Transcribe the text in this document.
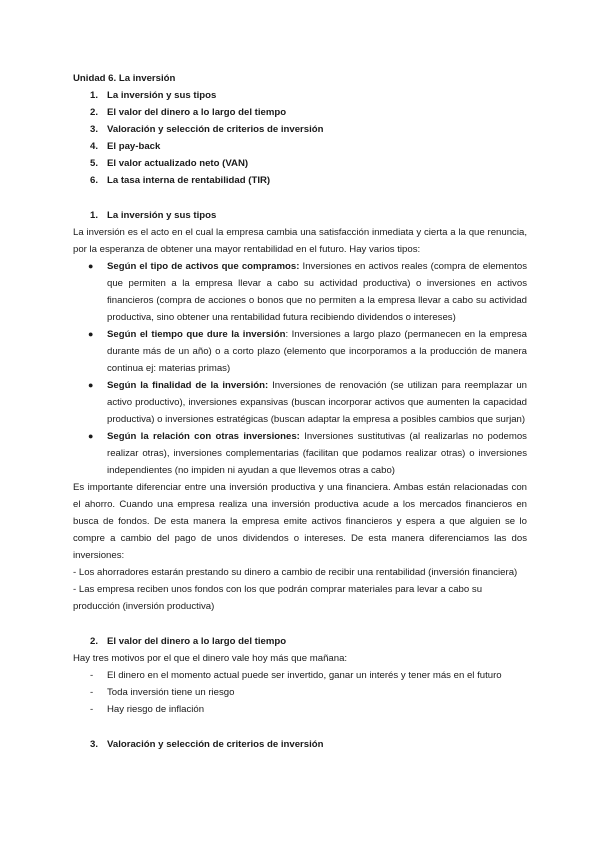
Unidad 6. La inversión
1. La inversión y sus tipos
2. El valor del dinero a lo largo del tiempo
3. Valoración y selección de criterios de inversión
4. El pay-back
5. El valor actualizado neto (VAN)
6. La tasa interna de rentabilidad (TIR)
1. La inversión y sus tipos

La inversión es el acto en el cual la empresa cambia una satisfacción inmediata y cierta a la que renuncia, por la esperanza de obtener una mayor rentabilidad en el futuro. Hay varios tipos:

● Según el tipo de activos que compramos: Inversiones en activos reales (compra de elementos que permiten a la empresa llevar a cabo su actividad productiva) o inversiones en activos financieros (compra de acciones o bonos que no permiten a la empresa llevar a cabo su actividad productiva, sino obtener una rentabilidad futura recibiendo dividendos o intereses)
● Según el tiempo que dure la inversión: Inversiones a largo plazo (permanecen en la empresa durante más de un año) o a corto plazo (elemento que incorporamos a la producción de manera continua ej: materias primas)
● Según la finalidad de la inversión: Inversiones de renovación (se utilizan para reemplazar un activo productivo), inversiones expansivas (buscan incorporar activos que aumenten la capacidad productiva) o inversiones estratégicas (buscan adaptar la empresa a posibles cambios que surjan)
● Según la relación con otras inversiones: Inversiones sustitutivas (al realizarlas no podemos realizar otras), inversiones complementarias (facilitan que podamos realizar otras) o inversiones independientes (no impiden ni ayudan a que llevemos otras a cabo)

Es importante diferenciar entre una inversión productiva y una financiera. Ambas están relacionadas con el ahorro. Cuando una empresa realiza una inversión productiva acude a los mercados financieros en busca de fondos. De esta manera la empresa emite activos financieros y espera a que alguien se lo compre a cambio del pago de unos dividendos o intereses. De esta manera diferenciamos las dos inversiones:

- Los ahorradores estarán prestando su dinero a cambio de recibir una rentabilidad (inversión financiera)

- Las empresa reciben unos fondos con los que podrán comprar materiales para levar a cabo su producción (inversión productiva)

2. El valor del dinero a lo largo del tiempo

Hay tres motivos por el que el dinero vale hoy más que mañana:

- El dinero en el momento actual puede ser invertido, ganar un interés y tener más en el futuro
- Toda inversión tiene un riesgo
- Hay riesgo de inflación
3. Valoración y selección de criterios de inversión
